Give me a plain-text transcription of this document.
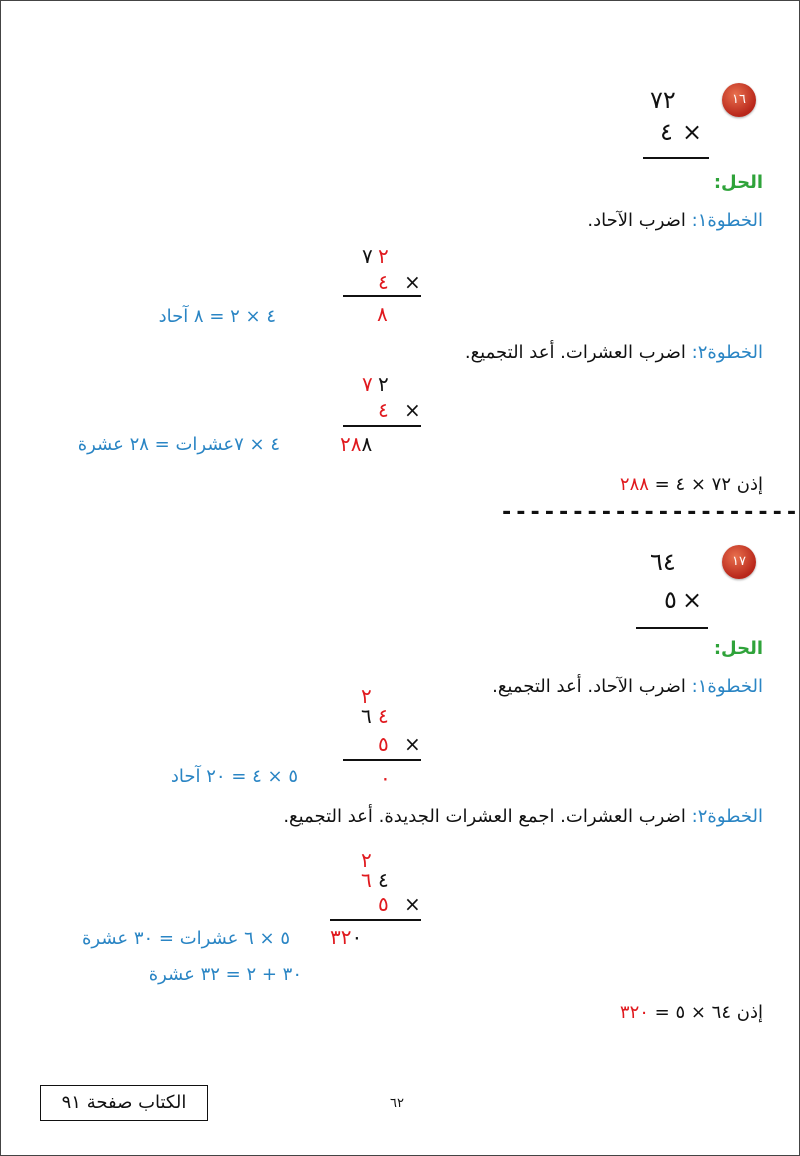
١٦
٧٢
×
٤
الحل:
الخطوة١: اضرب الآحاد.
٧ ٢
٤ ×
٨
٤ × ٢ = ٨ آحاد
الخطوة٢: اضرب العشرات. أعد التجميع.
٧ ٢
٤ ×
٢٨٨
٤ × ٧عشرات = ٢٨ عشرة
إذن ٧٢ × ٤ = ٢٨٨
---------------------
١٧
٦٤
×
٥
الحل:
الخطوة١: اضرب الآحاد. أعد التجميع.
٢
٦ ٤
٥ ×
٠
٥ × ٤ = ٢٠ آحاد
الخطوة٢: اضرب العشرات. اجمع العشرات الجديدة. أعد التجميع.
٢
٦ ٤
٥ ×
٣٢٠
٥ × ٦ عشرات = ٣٠ عشرة
٣٠ + ٢ = ٣٢ عشرة
إذن ٦٤ × ٥ = ٣٢٠
الكتاب صفحة ٩١	٦٢
